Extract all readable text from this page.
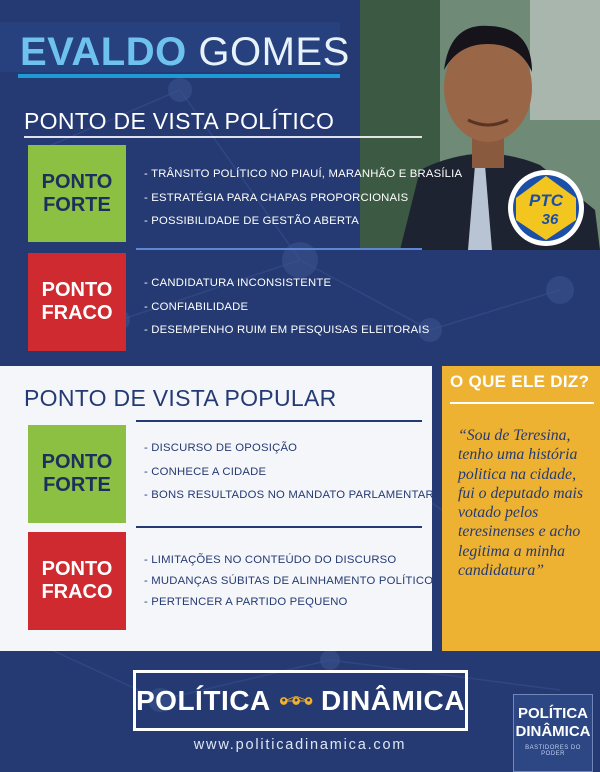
EVALDO GOMES
PTC
36
PONTO DE VISTA POLÍTICO
PONTO
FORTE
- TRÂNSITO POLÍTICO NO PIAUÍ, MARANHÃO E BRASÍLIA
- ESTRATÉGIA PARA CHAPAS PROPORCIONAIS
- POSSIBILIDADE DE GESTÃO ABERTA
PONTO
FRACO
- CANDIDATURA INCONSISTENTE
- CONFIABILIDADE
- DESEMPENHO RUIM EM PESQUISAS ELEITORAIS
PONTO DE VISTA POPULAR
PONTO
FORTE
- DISCURSO DE OPOSIÇÃO
- CONHECE A CIDADE
- BONS RESULTADOS NO MANDATO PARLAMENTAR
PONTO
FRACO
- LIMITAÇÕES NO CONTEÚDO DO DISCURSO
- MUDANÇAS SÚBITAS DE ALINHAMENTO POLÍTICO
- PERTENCER A PARTIDO PEQUENO
O QUE ELE DIZ?
“Sou de Teresina, tenho uma história politica na cidade, fui o deputado mais votado pelos teresinenses e acho legitima a minha candidatura”
POLÍTICA DINÂMICA
www.politicadinamica.com
POLÍTICA
DINÂMICA
BASTIDORES DO PODER
